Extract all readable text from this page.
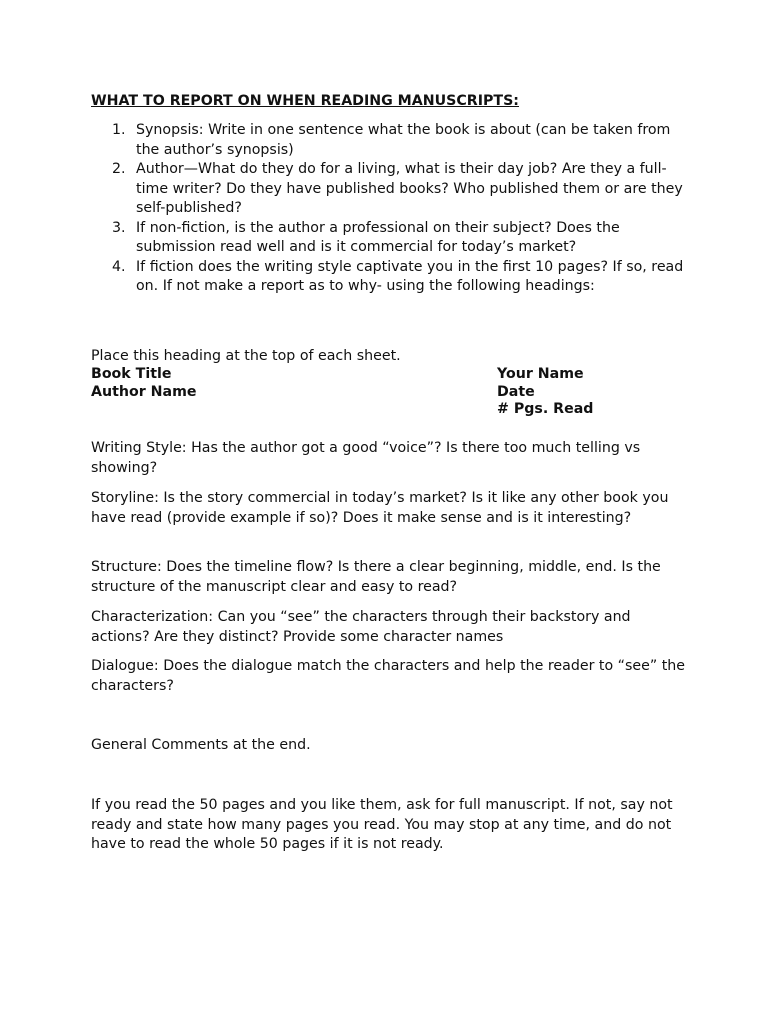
WHAT TO REPORT ON WHEN READING MANUSCRIPTS:

1. Synopsis: Write in one sentence what the book is about (can be taken from the author’s synopsis)
2. Author—What do they do for a living, what is their day job? Are they a full-time writer? Do they have published books? Who published them or are they self-published?
3. If non-fiction, is the author a professional on their subject? Does the submission read well and is it commercial for today’s market?
4. If fiction does the writing style captivate you in the first 10 pages? If so, read on. If not make a report as to why- using the following headings:

Place this heading at the top of each sheet.

Book Title
Author Name
Your Name
Date
# Pgs. Read

Writing Style: Has the author got a good “voice”? Is there too much telling vs showing?

Storyline: Is the story commercial in today’s market? Is it like any other book you have read (provide example if so)? Does it make sense and is it interesting?

Structure: Does the timeline flow? Is there a clear beginning, middle, end. Is the structure of the manuscript clear and easy to read?

Characterization: Can you “see” the characters through their backstory and actions? Are they distinct? Provide some character names

Dialogue: Does the dialogue match the characters and help the reader to “see” the characters?

General Comments at the end.

If you read the 50 pages and you like them, ask for full manuscript. If not, say not ready and state how many pages you read. You may stop at any time, and do not have to read the whole 50 pages if it is not ready.
